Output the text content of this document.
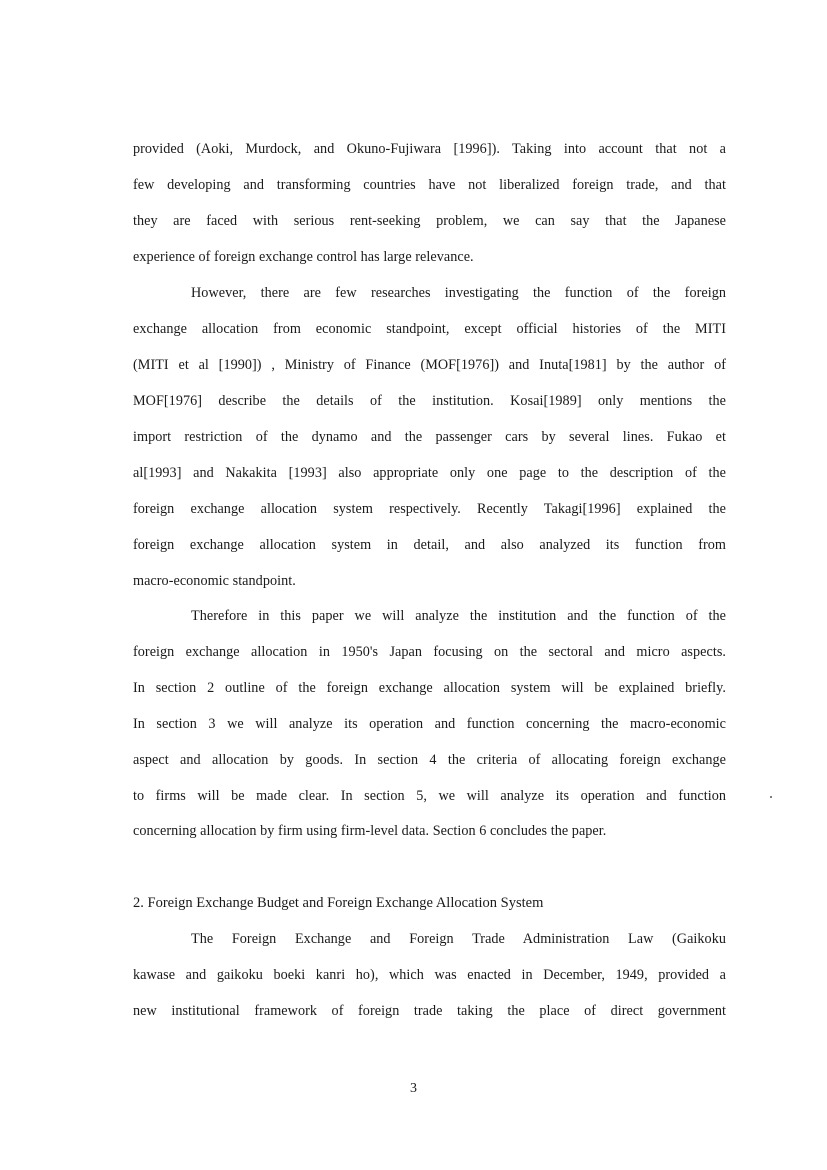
provided (Aoki, Murdock, and Okuno-Fujiwara [1996]). Taking into account that not a
few developing and transforming countries have not liberalized foreign trade, and that
they are faced with serious rent-seeking problem, we can say that the Japanese
experience of foreign exchange control has large relevance.
However, there are few researches investigating the function of the foreign
exchange allocation from economic standpoint, except official histories of the MITI
(MITI et al [1990]) , Ministry of Finance (MOF[1976]) and Inuta[1981] by the author of
MOF[1976] describe the details of the institution. Kosai[1989] only mentions the
import restriction of the dynamo and the passenger cars by several lines. Fukao et
al[1993] and Nakakita [1993] also appropriate only one page to the description of the
foreign exchange allocation system respectively. Recently Takagi[1996] explained the
foreign exchange allocation system in detail, and also analyzed its function from
macro-economic standpoint.
Therefore in this paper we will analyze the institution and the function of the
foreign exchange allocation in 1950's Japan focusing on the sectoral and micro aspects.
In section 2 outline of the foreign exchange allocation system will be explained briefly.
In section 3 we will analyze its operation and function concerning the macro-economic
aspect and allocation by goods. In section 4 the criteria of allocating foreign exchange
to firms will be made clear. In section 5, we will analyze its operation and function
concerning allocation by firm using firm-level data. Section 6 concludes the paper.
2. Foreign Exchange Budget and Foreign Exchange Allocation System
The Foreign Exchange and Foreign Trade Administration Law (Gaikoku
kawase and gaikoku boeki kanri ho), which was enacted in December, 1949, provided a
new institutional framework of foreign trade taking the place of direct government
3
